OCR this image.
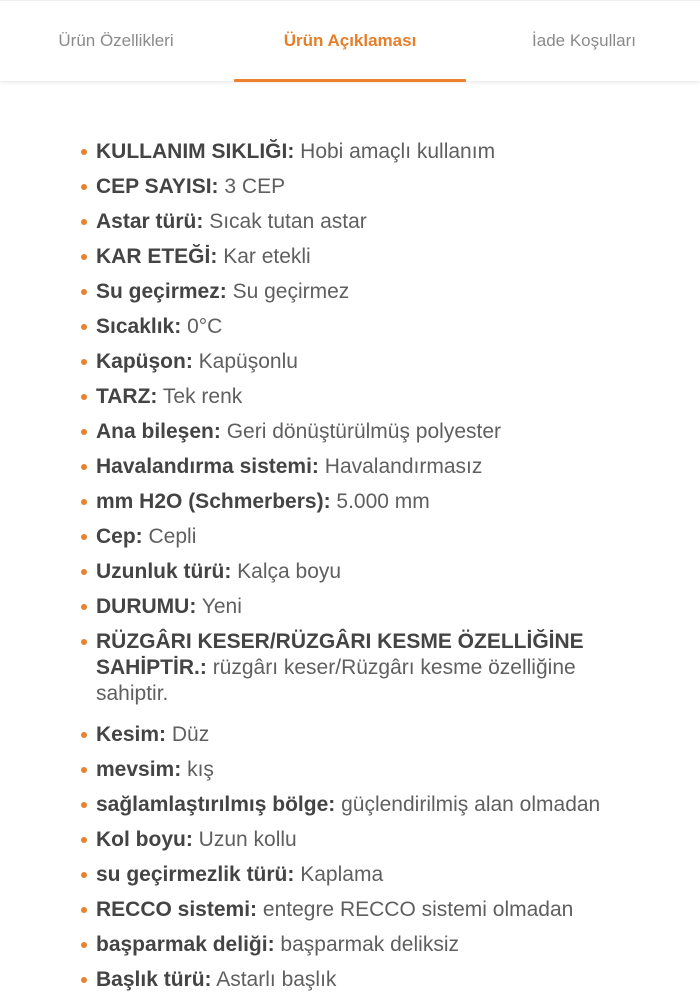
Ürün Özellikleri	Ürün Açıklaması	İade Koşulları
KULLANIM SIKLIĞI: Hobi amaçlı kullanım
CEP SAYISI: 3 CEP
Astar türü: Sıcak tutan astar
KAR ETEĞİ: Kar etekli
Su geçirmez: Su geçirmez
Sıcaklık: 0°C
Kapüşon: Kapüşonlu
TARZ: Tek renk
Ana bileşen: Geri dönüştürülmüş polyester
Havalandırma sistemi: Havalandırmasız
mm H2O (Schmerbers): 5.000 mm
Cep: Cepli
Uzunluk türü: Kalça boyu
DURUMU: Yeni
RÜZGÂRI KESER/RÜZGÂRI KESME ÖZELLİĞİNE SAHİPTİR.: rüzgârı keser/Rüzgârı kesme özelliğine sahiptir.
Kesim: Düz
mevsim: kış
sağlamlaştırılmış bölge: güçlendirilmiş alan olmadan
Kol boyu: Uzun kollu
su geçirmezlik türü: Kaplama
RECCO sistemi: entegre RECCO sistemi olmadan
başparmak deliği: başparmak deliksiz
Başlık türü: Astarlı başlık
